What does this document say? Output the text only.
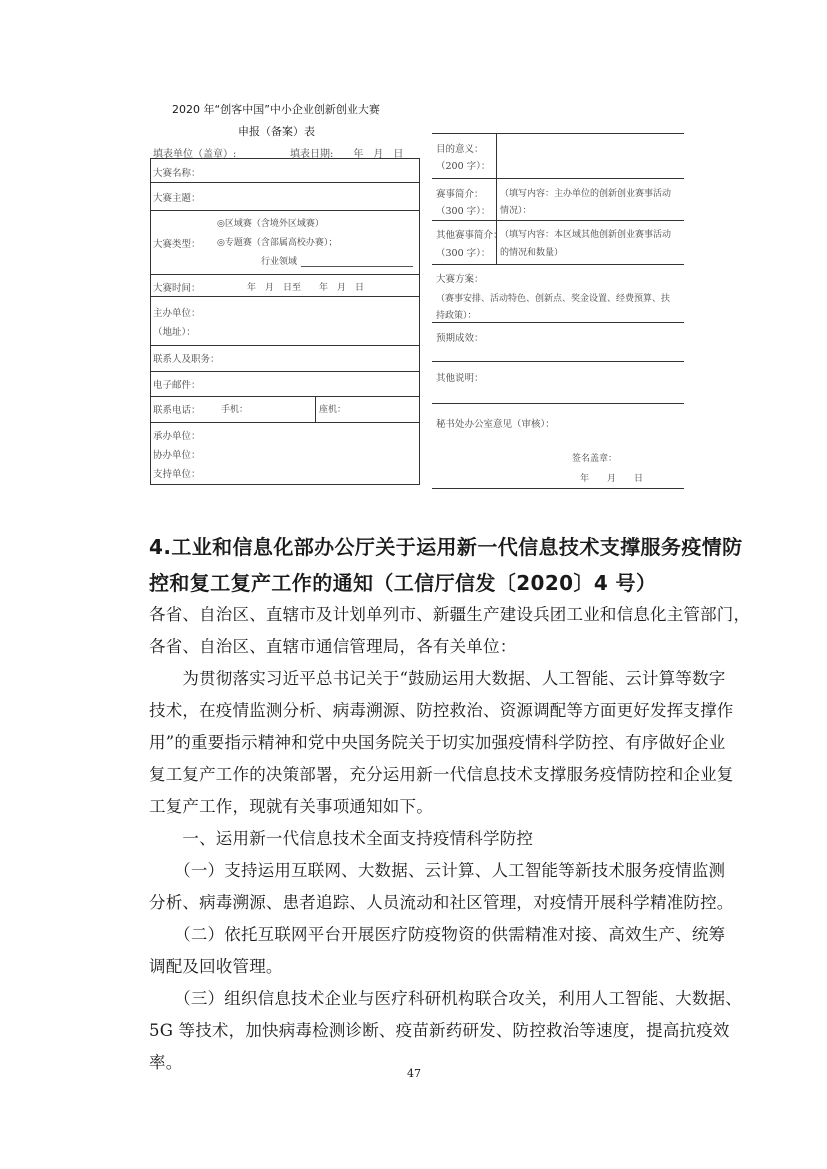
2020 年“创客中国”中小企业创新创业大赛
申报（备案）表
填表单位（盖章）:	填表日期:　　年　月　日
大赛名称：
大赛主题：
大赛类型：
◎区域赛（含境外区域赛）
◎专题赛（含部属高校办赛）；
行业领域
大赛时间：	年　月　日至　　年　月　日
主办单位：
（地址）：
联系人及职务：
电子邮件：
联系电话： 手机：	座机：
承办单位：
协办单位：
支持单位：
目的意义：
（200 字）：
赛事简介：
（300 字）：
（填写内容：主办单位的创新创业赛事活动
情况）：
其他赛事简介：
（300 字）：
（填写内容：本区域其他创新创业赛事活动
的情况和数量）
大赛方案：
（赛事安排、活动特色、创新点、奖金设置、经费预算、扶
持政策）：
预期成效：
其他说明：
秘书处办公室意见（审核）：
签名盖章：
年　　月　　日
4.工业和信息化部办公厅关于运用新一代信息技术支撑服务疫情防
控和复工复产工作的通知（工信厅信发〔2020〕4 号）
各省、自治区、直辖市及计划单列市、新疆生产建设兵团工业和信息化主管部门，
各省、自治区、直辖市通信管理局，各有关单位：
　　为贯彻落实习近平总书记关于“鼓励运用大数据、人工智能、云计算等数字
技术，在疫情监测分析、病毒溯源、防控救治、资源调配等方面更好发挥支撑作
用”的重要指示精神和党中央国务院关于切实加强疫情科学防控、有序做好企业
复工复产工作的决策部署，充分运用新一代信息技术支撑服务疫情防控和企业复
工复产工作，现就有关事项通知如下。
　　一、运用新一代信息技术全面支持疫情科学防控
　　（一）支持运用互联网、大数据、云计算、人工智能等新技术服务疫情监测
分析、病毒溯源、患者追踪、人员流动和社区管理，对疫情开展科学精准防控。
　　（二）依托互联网平台开展医疗防疫物资的供需精准对接、高效生产、统筹
调配及回收管理。
　　（三）组织信息技术企业与医疗科研机构联合攻关，利用人工智能、大数据、
5G 等技术，加快病毒检测诊断、疫苗新药研发、防控救治等速度，提高抗疫效
率。
47
